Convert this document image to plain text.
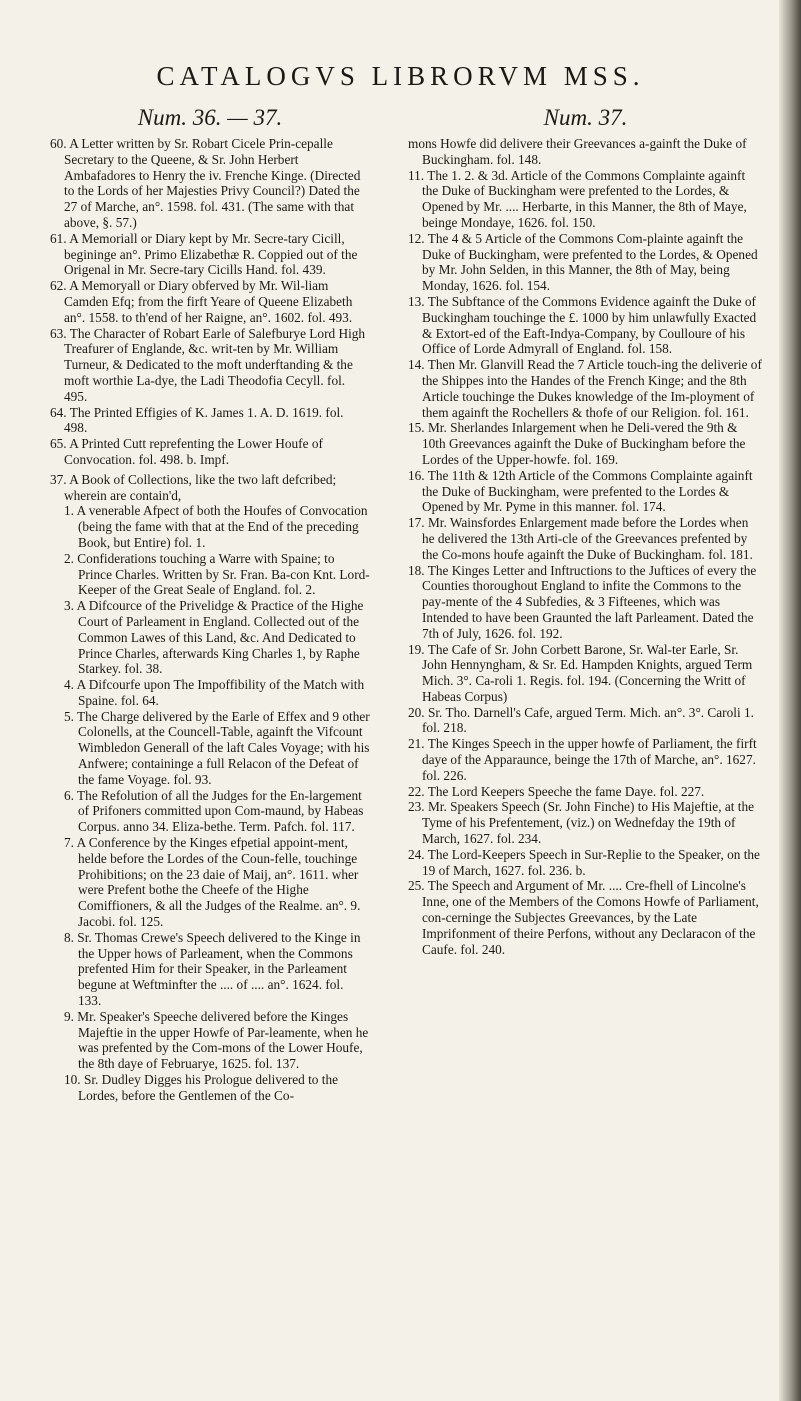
CATALOGVS LIBRORVM MSS.
Num. 36. — 37.

60. A Letter written by Sr. Robart Cicele Prin-cepalle Secretary to the Queene, & Sr. John Herbert Ambafadores to Henry the iv. Frenche Kinge. (Directed to the Lords of her Majesties Privy Council?) Dated the 27 of Marche, an°. 1598. fol. 431. (The same with that above, §. 57.)

61. A Memoriall or Diary kept by Mr. Secre-tary Cicill, begininge an°. Primo Elizabethæ R. Coppied out of the Origenal in Mr. Secre-tary Cicills Hand. fol. 439.

62. A Memoryall or Diary obferved by Mr. Wil-liam Camden Efq; from the firft Yeare of Queene Elizabeth an°. 1558. to th'end of her Raigne, an°. 1602. fol. 493.

63. The Character of Robart Earle of Salefburye Lord High Treafurer of Englande, &c. writ-ten by Mr. William Turneur, & Dedicated to the moft underftanding & the moft worthie La-dye, the Ladi Theodofia Cecyll. fol. 495.

64. The Printed Effigies of K. James 1. A. D. 1619. fol. 498.

65. A Printed Cutt reprefenting the Lower Houfe of Convocation. fol. 498. b. Impf.

37. A Book of Collections, like the two laft defcribed; wherein are contain'd,

1. A venerable Afpect of both the Houfes of Convocation (being the fame with that at the End of the preceding Book, but Entire) fol. 1.

2. Confiderations touching a Warre with Spaine; to Prince Charles. Written by Sr. Fran. Ba-con Knt. Lord-Keeper of the Great Seale of England. fol. 2.

3. A Difcource of the Privelidge & Practice of the Highe Court of Parleament in England. Collected out of the Common Lawes of this Land, &c. And Dedicated to Prince Charles, afterwards King Charles 1, by Raphe Starkey. fol. 38.

4. A Difcourfe upon The Impoffibility of the Match with Spaine. fol. 64.

5. The Charge delivered by the Earle of Effex and 9 other Colonells, at the Councell-Table, againft the Vifcount Wimbledon Generall of the laft Cales Voyage; with his Anfwere; containinge a full Relacon of the Defeat of the fame Voyage. fol. 93.

6. The Refolution of all the Judges for the En-largement of Prifoners committed upon Com-maund, by Habeas Corpus. anno 34. Eliza-bethe. Term. Pafch. fol. 117.

7. A Conference by the Kinges efpetial appoint-ment, helde before the Lordes of the Coun-felle, touchinge Prohibitions; on the 23 daie of Maij, an°. 1611. wher were Prefent bothe the Cheefe of the Highe Comiffioners, & all the Judges of the Realme. an°. 9. Jacobi. fol. 125.

8. Sr. Thomas Crewe's Speech delivered to the Kinge in the Upper hows of Parleament, when the Commons prefented Him for their Speaker, in the Parleament begune at Weftminfter the .... of .... an°. 1624. fol. 133.

9. Mr. Speaker's Speeche delivered before the Kinges Majeftie in the upper Howfe of Par-leamente, when he was prefented by the Com-mons of the Lower Houfe, the 8th daye of Februarye, 1625. fol. 137.

10. Sr. Dudley Digges his Prologue delivered to the Lordes, before the Gentlemen of the Co-

Num. 37.

mons Howfe did delivere their Greevances a-gainft the Duke of Buckingham. fol. 148.

11. The 1. 2. & 3d. Article of the Commons Complainte againft the Duke of Buckingham were prefented to the Lordes, & Opened by Mr. .... Herbarte, in this Manner, the 8th of Maye, beinge Mondaye, 1626. fol. 150.

12. The 4 & 5 Article of the Commons Com-plainte againft the Duke of Buckingham, were prefented to the Lordes, & Opened by Mr. John Selden, in this Manner, the 8th of May, being Monday, 1626. fol. 154.

13. The Subftance of the Commons Evidence againft the Duke of Buckingham touchinge the £. 1000 by him unlawfully Exacted & Extort-ed of the Eaft-Indya-Company, by Coulloure of his Office of Lorde Admyrall of England. fol. 158.

14. Then Mr. Glanvill Read the 7 Article touch-ing the deliverie of the Shippes into the Handes of the French Kinge; and the 8th Article touchinge the Dukes knowledge of the Im-ployment of them againft the Rochellers & thofe of our Religion. fol. 161.

15. Mr. Sherlandes Inlargement when he Deli-vered the 9th & 10th Greevances againft the Duke of Buckingham before the Lordes of the Upper-howfe. fol. 169.

16. The 11th & 12th Article of the Commons Complainte againft the Duke of Buckingham, were prefented to the Lordes & Opened by Mr. Pyme in this manner. fol. 174.

17. Mr. Wainsfordes Enlargement made before the Lordes when he delivered the 13th Arti-cle of the Greevances prefented by the Co-mons houfe againft the Duke of Buckingham. fol. 181.

18. The Kinges Letter and Inftructions to the Juftices of every the Counties thoroughout England to infite the Commons to the pay-mente of the 4 Subfedies, & 3 Fifteenes, which was Intended to have been Graunted the laft Parleament. Dated the 7th of July, 1626. fol. 192.

19. The Cafe of Sr. John Corbett Barone, Sr. Wal-ter Earle, Sr. John Hennyngham, & Sr. Ed. Hampden Knights, argued Term Mich. 3°. Ca-roli 1. Regis. fol. 194. (Concerning the Writt of Habeas Corpus)

20. Sr. Tho. Darnell's Cafe, argued Term. Mich. an°. 3°. Caroli 1. fol. 218.

21. The Kinges Speech in the upper howfe of Parliament, the firft daye of the Apparaunce, beinge the 17th of Marche, an°. 1627. fol. 226.

22. The Lord Keepers Speeche the fame Daye. fol. 227.

23. Mr. Speakers Speech (Sr. John Finche) to His Majeftie, at the Tyme of his Prefentement, (viz.) on Wednefday the 19th of March, 1627. fol. 234.

24. The Lord-Keepers Speech in Sur-Replie to the Speaker, on the 19 of March, 1627. fol. 236. b.

25. The Speech and Argument of Mr. .... Cre-fhell of Lincolne's Inne, one of the Members of the Comons Howfe of Parliament, con-cerninge the Subjectes Greevances, by the Late Imprifonment of theire Perfons, without any Declaracon of the Caufe. fol. 240.
